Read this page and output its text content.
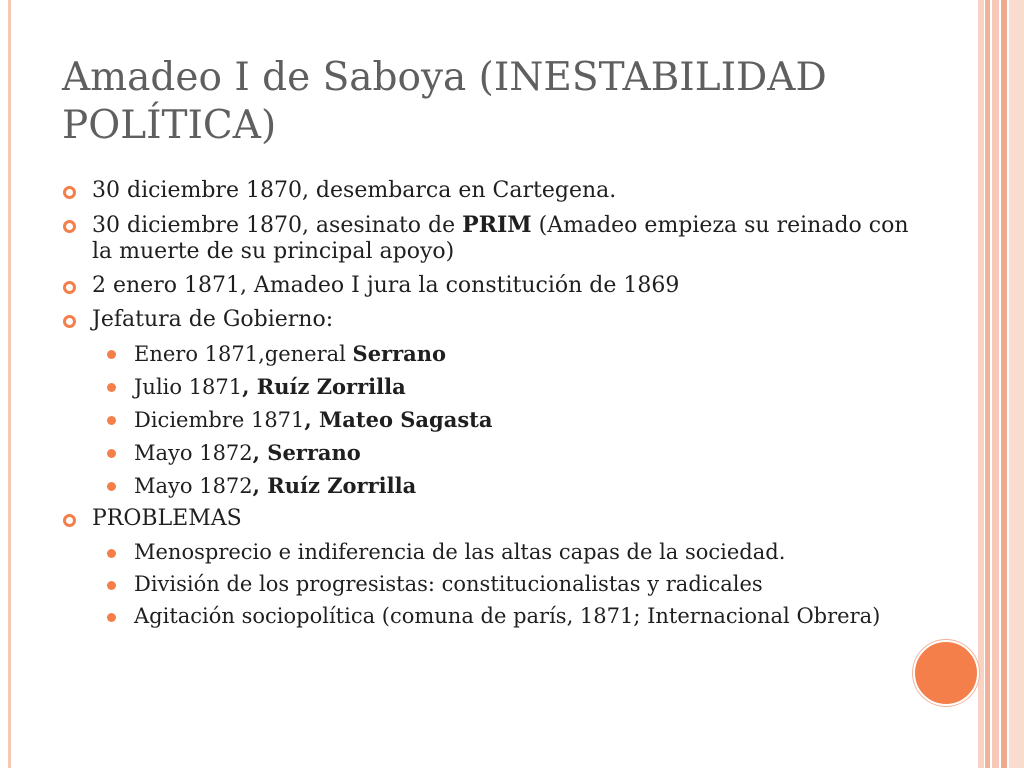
Amadeo I de Saboya (INESTABILIDAD POLÍTICA)
30 diciembre 1870, desembarca en Cartegena.
30 diciembre 1870, asesinato de PRIM (Amadeo empieza su reinado con la muerte de su principal apoyo)
2 enero 1871, Amadeo I jura la constitución de 1869
Jefatura de Gobierno:
Enero 1871,general Serrano
Julio 1871, Ruíz Zorrilla
Diciembre 1871, Mateo Sagasta
Mayo 1872, Serrano
Mayo 1872, Ruíz Zorrilla
PROBLEMAS
Menosprecio e indiferencia de las altas capas de la sociedad.
División de los progresistas: constitucionalistas y radicales
Agitación sociopolítica (comuna de parís, 1871; Internacional Obrera)
